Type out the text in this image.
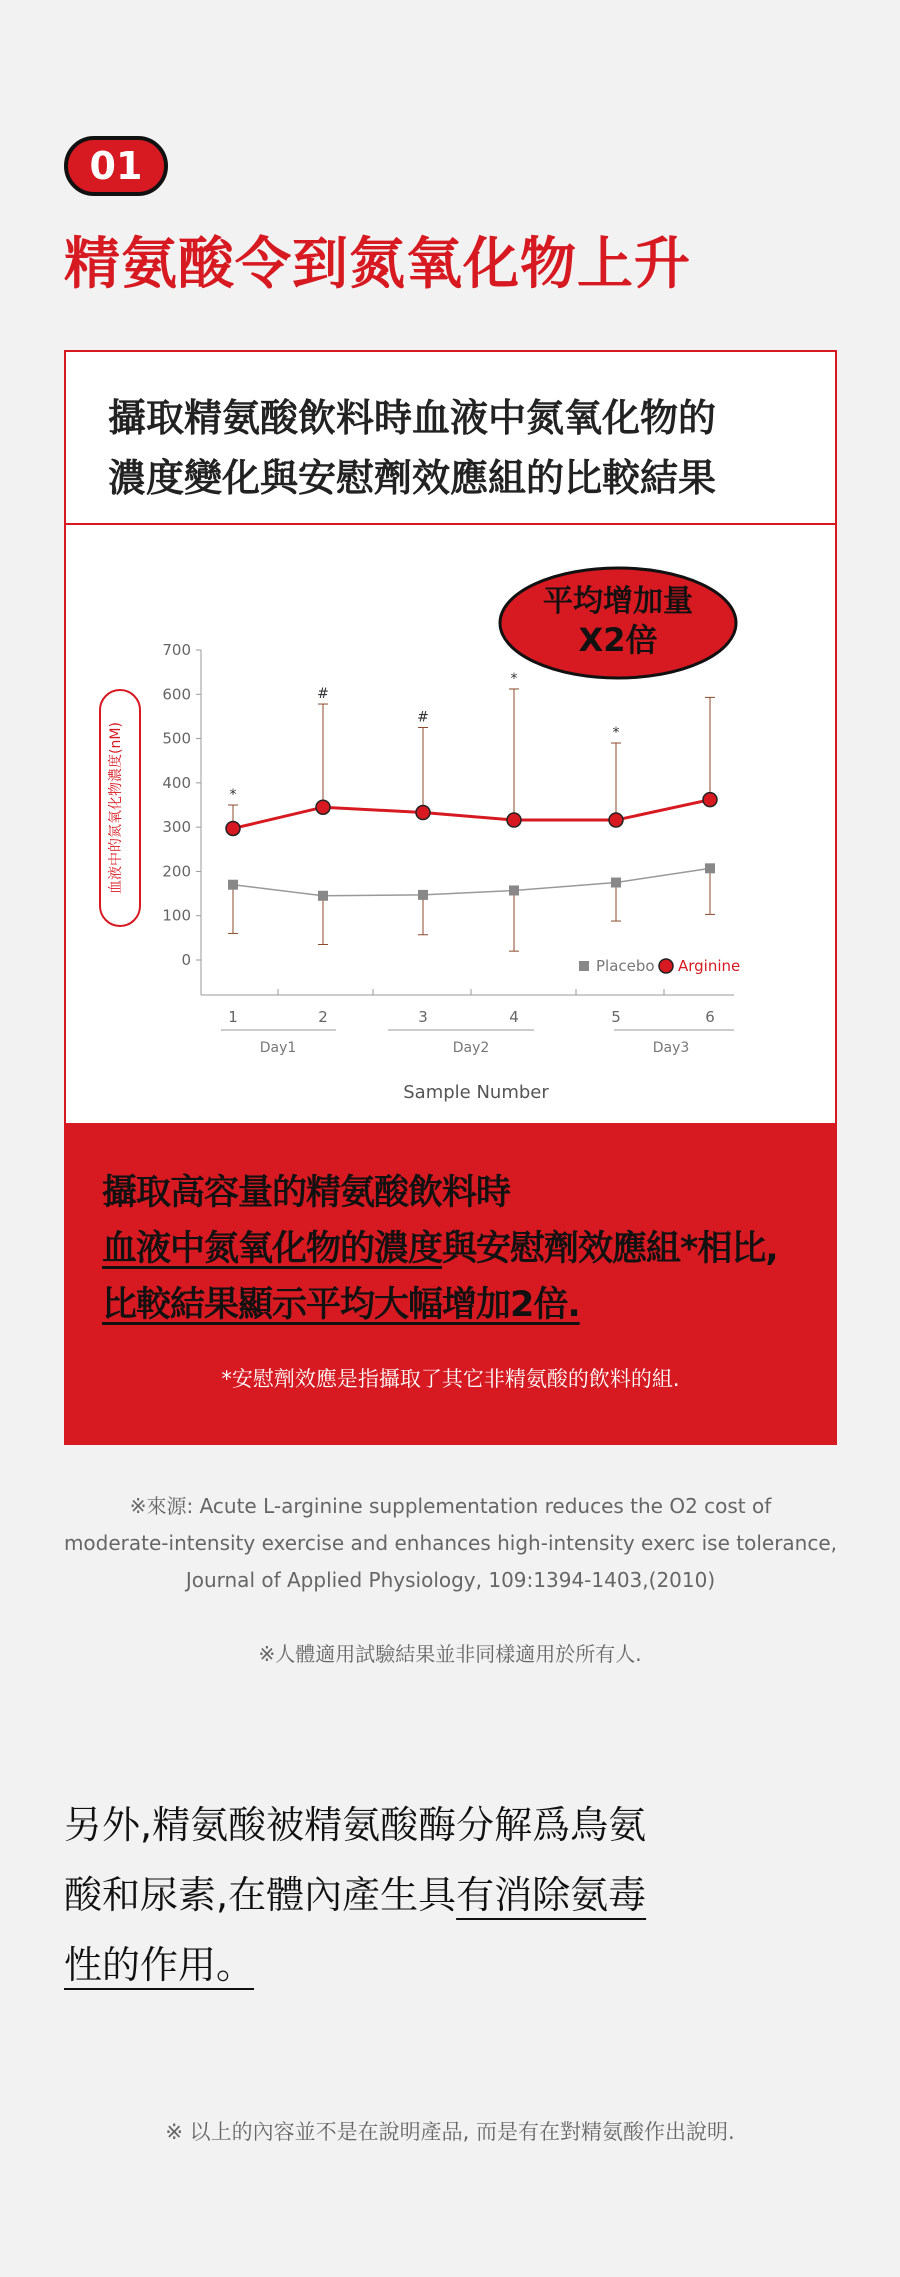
01
精氨酸令到氮氧化物上升
攝取精氨酸飲料時血液中氮氧化物的
濃度變化與安慰劑效應組的比較結果
平均增加量
X2倍
血液中的氮氧化物濃度(nM)
700
600
500
400
300
200
100
0
1	2	3	4	5	6
Day1	Day2	Day3
Sample Number
*
#
#
*
*
Placebo Arginine
攝取高容量的精氨酸飲料時
血液中氮氧化物的濃度與安慰劑效應組*相比,
比較結果顯示平均大幅增加2倍.
*安慰劑效應是指攝取了其它非精氨酸的飲料的組.
※來源: Acute L-arginine supplementation reduces the O2 cost of
moderate-intensity exercise and enhances high-intensity exerc ise tolerance,
Journal of Applied Physiology, 109:1394-1403,(2010)
※人體適用試驗結果並非同樣適用於所有人.
另外,精氨酸被精氨酸酶分解爲鳥氨
酸和尿素,在體內產生具有消除氨毒
性的作用。
※ 以上的內容並不是在說明產品, 而是有在對精氨酸作出說明.
